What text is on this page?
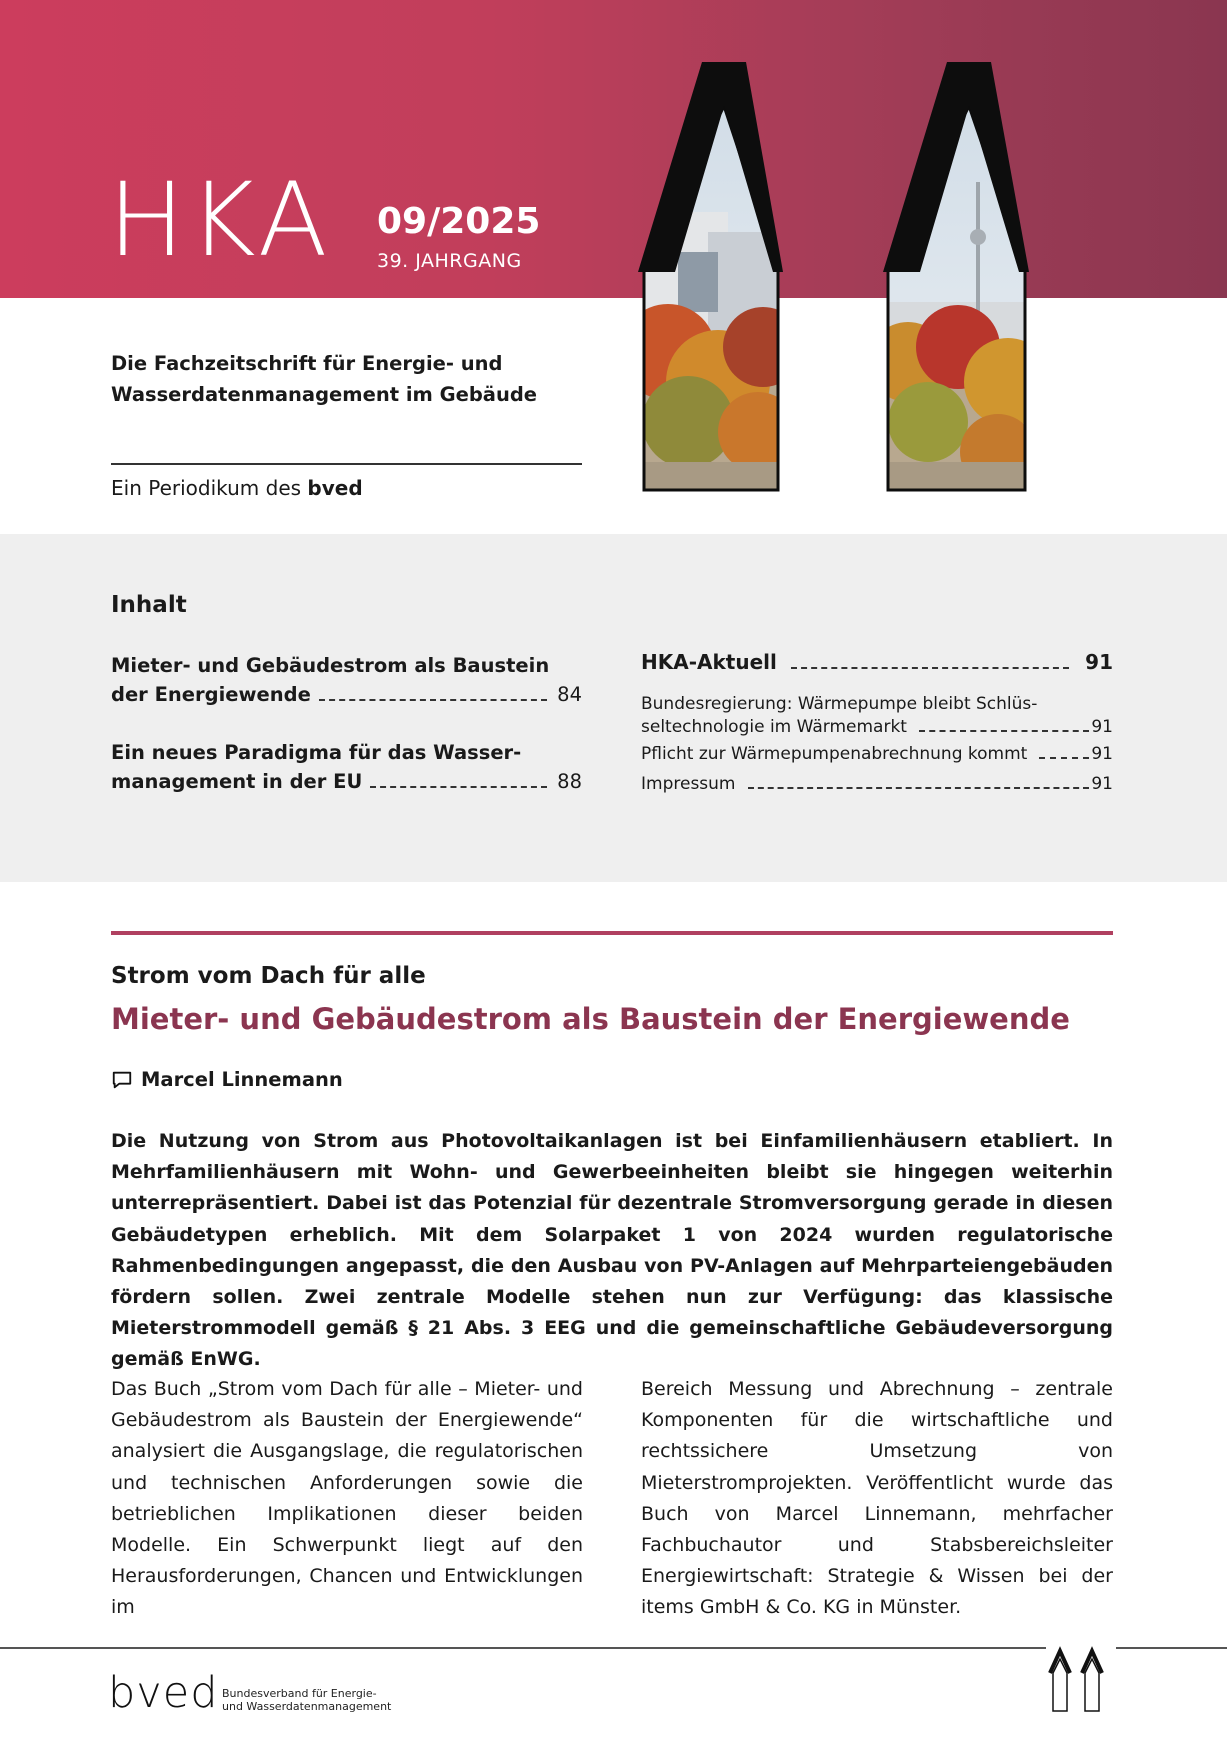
HKA 09/2025
39. JAHRGANG
Die Fachzeitschrift für Energie- und
Wasserdatenmanagement im Gebäude
Ein Periodikum des bved
Inhalt
Mieter- und Gebäudestrom als Baustein
der Energiewende	84
Ein neues Paradigma für das Wasser-
management in der EU	88
HKA-Aktuell	91
Bundesregierung: Wärmepumpe bleibt Schlüs-
seltechnologie im Wärmemarkt	91
Pflicht zur Wärmepumpenabrechnung kommt	91
Impressum	91
Strom vom Dach für alle
Mieter- und Gebäudestrom als Baustein der Energiewende
Marcel Linnemann
Die Nutzung von Strom aus Photovoltaikanlagen ist bei Einfamilienhäusern etabliert. In Mehrfamilienhäusern mit Wohn- und Gewerbeeinheiten bleibt sie hingegen weiterhin unterrepräsentiert. Dabei ist das Potenzial für dezentrale Stromversorgung gerade in diesen Gebäudetypen erheblich. Mit dem Solarpaket 1 von 2024 wurden regulatorische Rahmenbedingungen angepasst, die den Ausbau von PV-Anlagen auf Mehrparteiengebäuden fördern sollen. Zwei zentrale Modelle stehen nun zur Verfügung: das klassische Mieterstrommodell gemäß § 21 Abs. 3 EEG und die gemeinschaftliche Gebäudeversorgung gemäß EnWG.
Das Buch „Strom vom Dach für alle – Mieter- und Gebäudestrom als Baustein der Energiewende“ analysiert die Ausgangslage, die regulatorischen und technischen Anforderungen sowie die betrieblichen Implikationen dieser beiden Modelle. Ein Schwerpunkt liegt auf den Herausforderungen, Chancen und Entwicklungen im
Bereich Messung und Abrechnung – zentrale Komponenten für die wirtschaftliche und rechtssichere Umsetzung von Mieterstromprojekten. Veröffentlicht wurde das Buch von Marcel Linnemann, mehrfacher Fachbuchautor und Stabsbereichsleiter Energiewirtschaft: Strategie & Wissen bei der items GmbH & Co. KG in Münster.
bved Bundesverband für Energie-
und Wasserdatenmanagement
